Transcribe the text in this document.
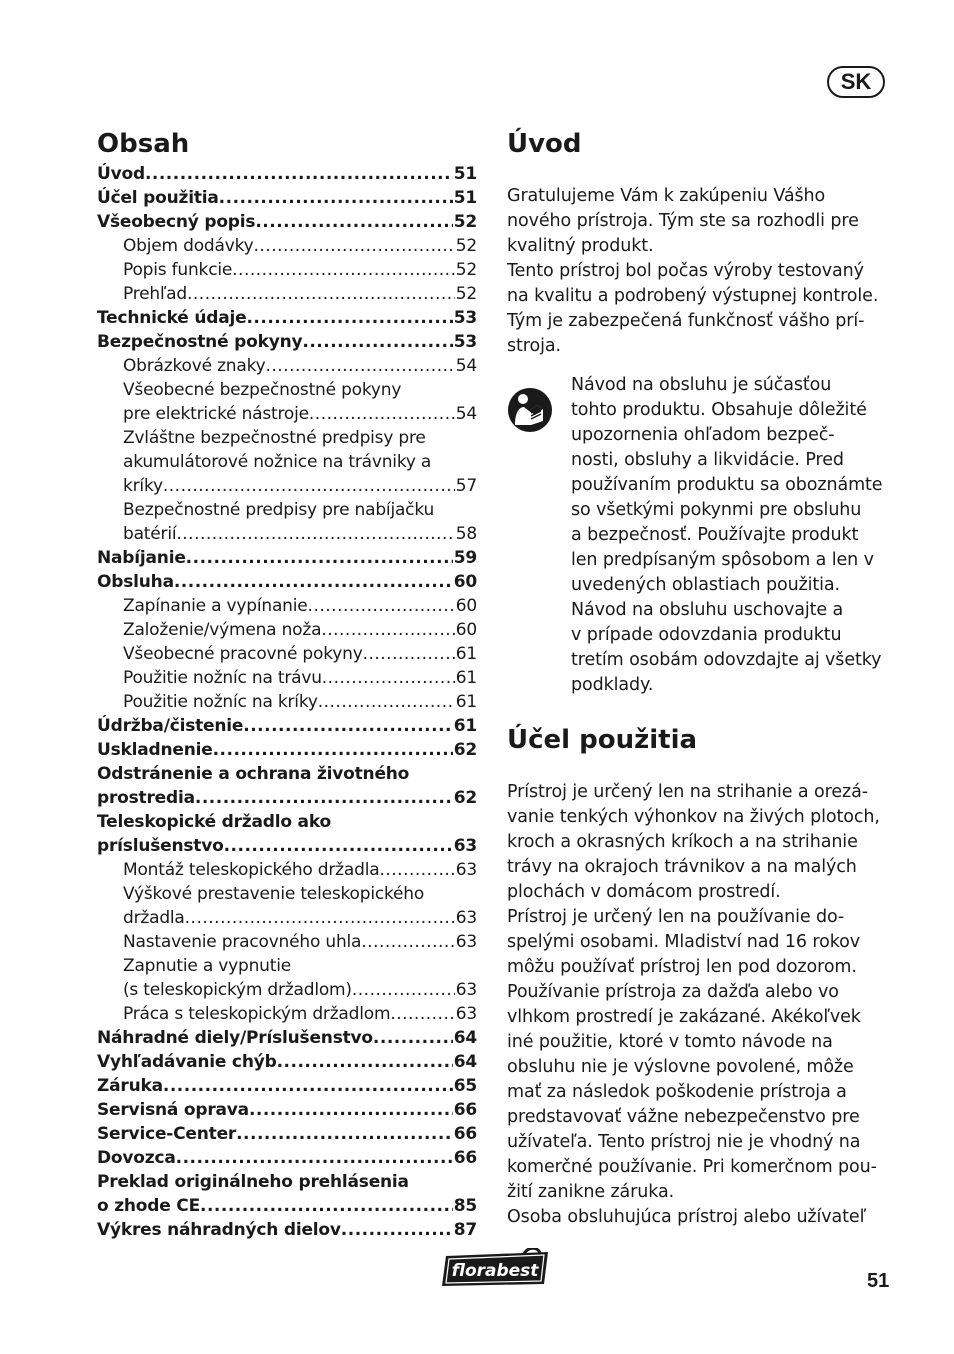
SK
Obsah
Úvod .....	51
Účel použitia .....	51
Všeobecný popis .....	52
Objem dodávky .....	52
Popis funkcie .....	52
Prehľad .....	52
Technické údaje .....	53
Bezpečnostné pokyny .....	53
Obrázkové znaky .....	54
Všeobecné bezpečnostné pokyny
pre elektrické nástroje .....	54
Zvláštne bezpečnostné predpisy pre
akumulátorové nožnice na trávniky a
kríky .....	57
Bezpečnostné predpisy pre nabíjačku
batérií .....	58
Nabíjanie .....	59
Obsluha .....	60
Zapínanie a vypínanie .....	60
Založenie/výmena noža .....	60
Všeobecné pracovné pokyny .....	61
Použitie nožníc na trávu .....	61
Použitie nožníc na kríky .....	61
Údržba/čistenie .....	61
Uskladnenie .....	62
Odstránenie a ochrana životného
prostredia .....	62
Teleskopické držadlo ako
príslušenstvo .....	63
Montáž teleskopického držadla .....	63
Výškové prestavenie teleskopického
držadla .....	63
Nastavenie pracovného uhla .....	63
Zapnutie a vypnutie
(s teleskopickým držadlom) .....	63
Práca s teleskopickým držadlom .....	63
Náhradné diely/Príslušenstvo .....	64
Vyhľadávanie chýb .....	64
Záruka .....	65
Servisná oprava .....	66
Service-Center .....	66
Dovozca .....	66
Preklad originálneho prehlásenia
o zhode CE .....	85
Výkres náhradných dielov .....	87
Úvod

Gratulujeme Vám k zakúpeniu Vášho
nového prístroja. Tým ste sa rozhodli pre
kvalitný produkt.
Tento prístroj bol počas výroby testovaný
na kvalitu a podrobený výstupnej kontrole.
Tým je zabezpečená funkčnosť vášho prí-
stroja.

Návod na obsluhu je súčasťou
tohto produktu. Obsahuje dôležité
upozornenia ohľadom bezpeč-
nosti, obsluhy a likvidácie. Pred
používaním produktu sa oboznámte
so všetkými pokynmi pre obsluhu
a bezpečnosť. Používajte produkt
len predpísaným spôsobom a len v
uvedených oblastiach použitia.
Návod na obsluhu uschovajte a
v prípade odovzdania produktu
tretím osobám odovzdajte aj všetky
podklady.

Účel použitia

Prístroj je určený len na strihanie a orezá-
vanie tenkých výhonkov na živých plotoch,
kroch a okrasných kríkoch a na strihanie
trávy na okrajoch trávnikov a na malých
plochách v domácom prostredí.
Prístroj je určený len na používanie do-
spelými osobami. Mladiství nad 16 rokov
môžu používať prístroj len pod dozorom.
Používanie prístroja za dažďa alebo vo
vlhkom prostredí je zakázané. Akékoľvek
iné použitie, ktoré v tomto návode na
obsluhu nie je výslovne povolené, môže
mať za následok poškodenie prístroja a
predstavovať vážne nebezpečenstvo pre
užívateľa. Tento prístroj nie je vhodný na
komerčné používanie. Pri komerčnom pou-
žití zanikne záruka.
Osoba obsluhujúca prístroj alebo užívateľ

florabest	51
